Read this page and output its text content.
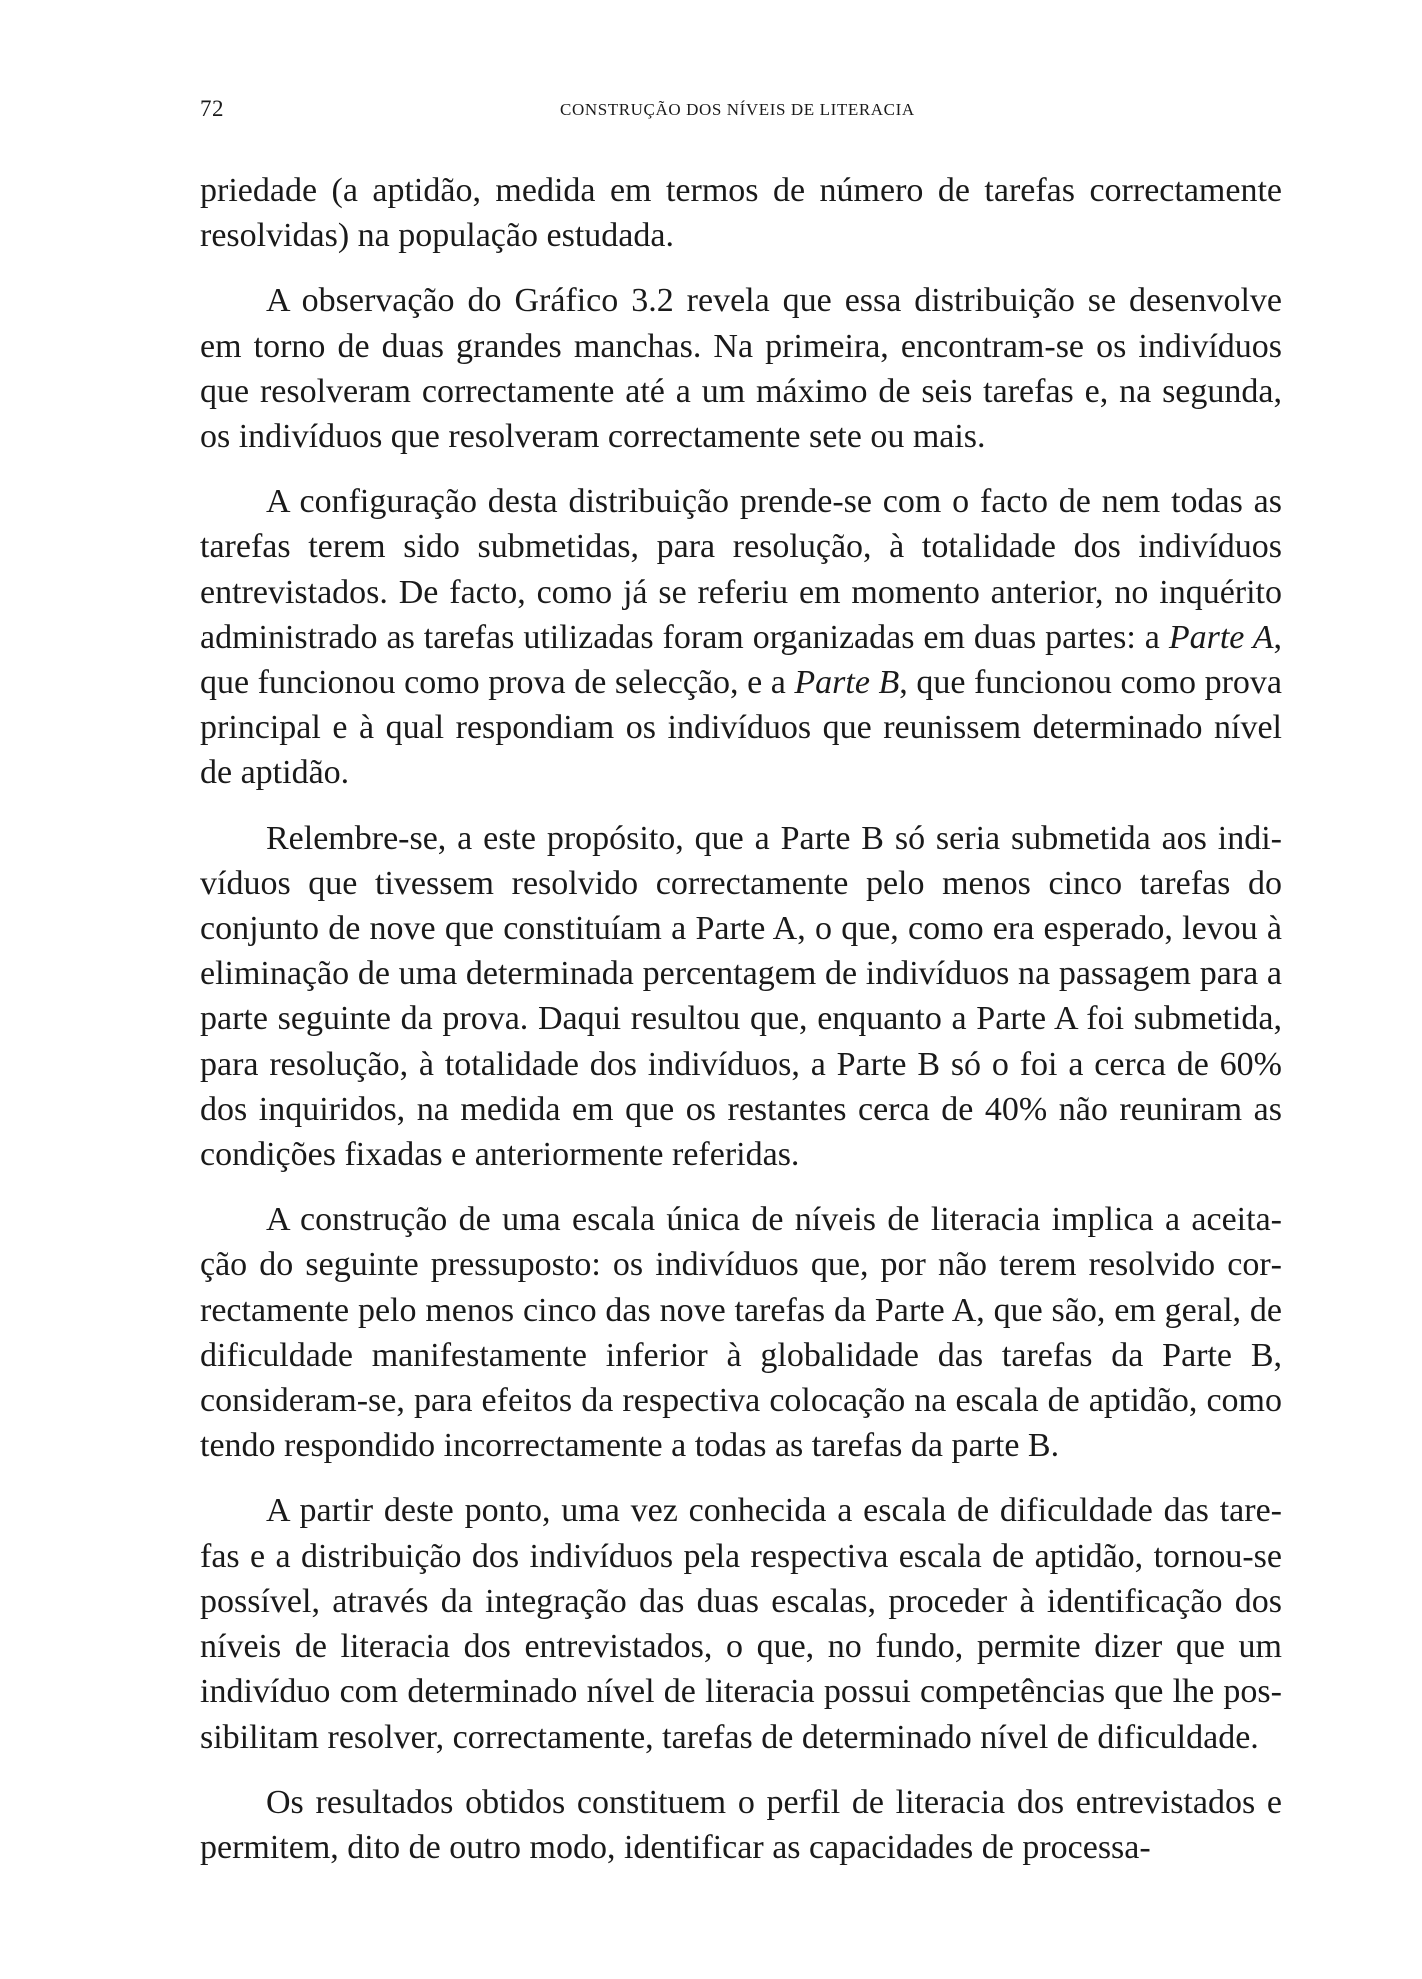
72	CONSTRUÇÃO DOS NÍVEIS DE LITERACIA

priedade (a aptidão, medida em termos de número de tarefas correctamente resolvidas) na população estudada.

A observação do Gráfico 3.2 revela que essa distribuição se desenvolve em torno de duas grandes manchas. Na primeira, encontram-se os indivíduos que resolveram correctamente até a um máximo de seis tarefas e, na segunda, os indivíduos que resolveram correctamente sete ou mais.

A configuração desta distribuição prende-se com o facto de nem todas as tarefas terem sido submetidas, para resolução, à totalidade dos indivíduos entrevistados. De facto, como já se referiu em momento anterior, no inquérito administrado as tarefas utilizadas foram organizadas em duas partes: a Parte A, que funcionou como prova de selecção, e a Parte B, que funcionou como prova principal e à qual respondiam os indivíduos que reunissem determinado nível de aptidão.

Relembre-se, a este propósito, que a Parte B só seria submetida aos indivíduos que tivessem resolvido correctamente pelo menos cinco tarefas do conjunto de nove que constituíam a Parte A, o que, como era esperado, levou à eliminação de uma determinada percentagem de indivíduos na passagem para a parte seguinte da prova. Daqui resultou que, enquanto a Parte A foi submetida, para resolução, à totalidade dos indivíduos, a Parte B só o foi a cerca de 60% dos inquiridos, na medida em que os restantes cerca de 40% não reuniram as condições fixadas e anteriormente referidas.

A construção de uma escala única de níveis de literacia implica a aceitação do seguinte pressuposto: os indivíduos que, por não terem resolvido correctamente pelo menos cinco das nove tarefas da Parte A, que são, em geral, de dificuldade manifestamente inferior à globalidade das tarefas da Parte B, consideram-se, para efeitos da respectiva colocação na escala de aptidão, como tendo respondido incorrectamente a todas as tarefas da parte B.

A partir deste ponto, uma vez conhecida a escala de dificuldade das tarefas e a distribuição dos indivíduos pela respectiva escala de aptidão, tornou-se possível, através da integração das duas escalas, proceder à identificação dos níveis de literacia dos entrevistados, o que, no fundo, permite dizer que um indivíduo com determinado nível de literacia possui competências que lhe possibilitam resolver, correctamente, tarefas de determinado nível de dificuldade.

Os resultados obtidos constituem o perfil de literacia dos entrevistados e permitem, dito de outro modo, identificar as capacidades de processa-
